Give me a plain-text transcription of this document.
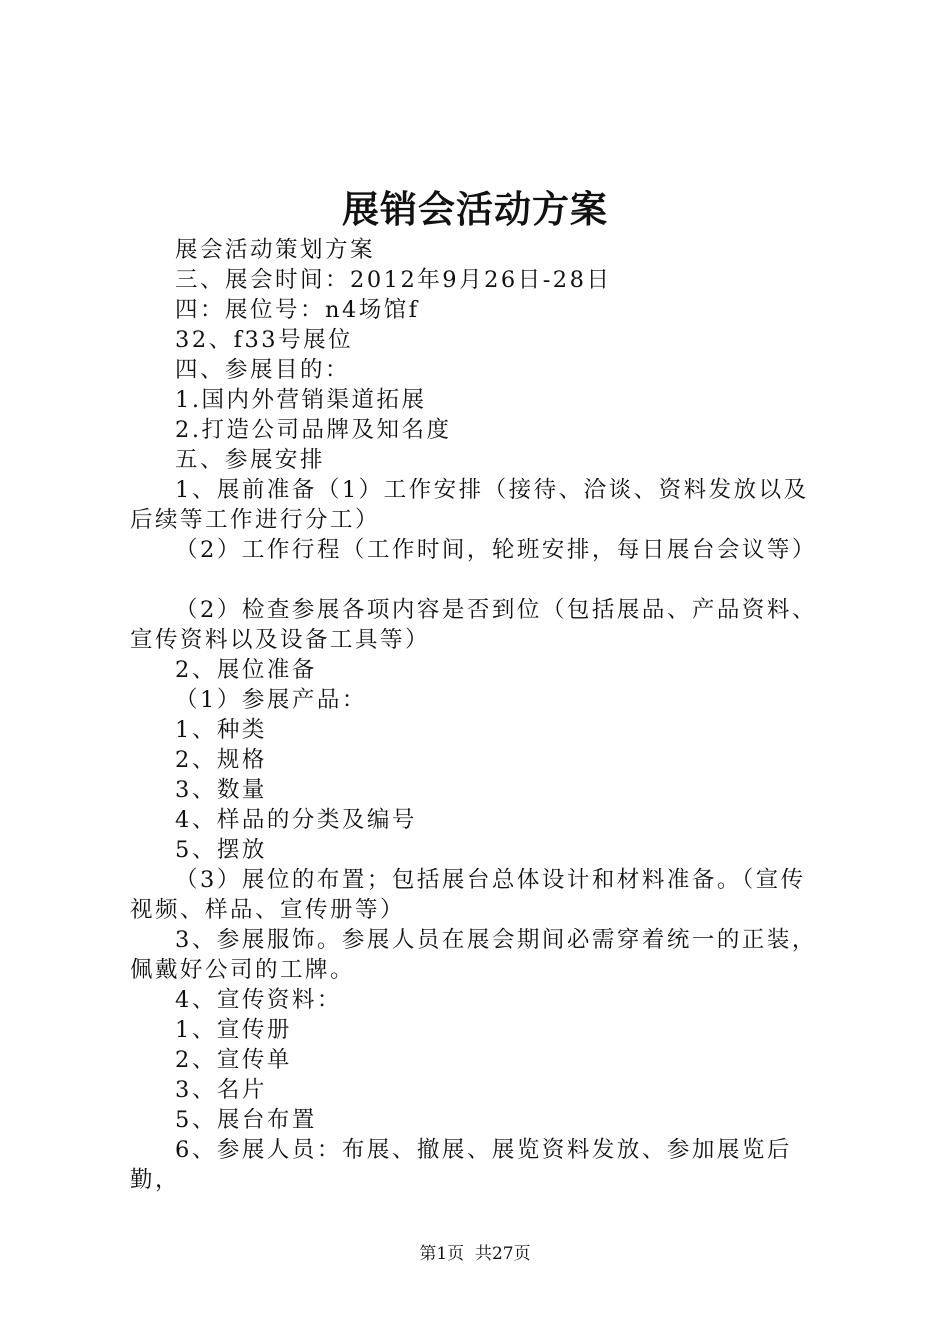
展销会活动方案

展会活动策划方案

三、展会时间：2012年9月26日-28日

四：展位号：n4场馆f

32、f33号展位

四、参展目的：

1.国内外营销渠道拓展

2.打造公司品牌及知名度

五、参展安排

1、展前准备（1）工作安排（接待、洽谈、资料发放以及后续等工作进行分工）

（2）工作行程（工作时间，轮班安排，每日展台会议等）

（2）检查参展各项内容是否到位（包括展品、产品资料、宣传资料以及设备工具等）

2、展位准备

（1）参展产品：

1、种类

2、规格

3、数量

4、样品的分类及编号

5、摆放

（3）展位的布置；包括展台总体设计和材料准备。（宣传视频、样品、宣传册等）

3、参展服饰。参展人员在展会期间必需穿着统一的正装，佩戴好公司的工牌。

4、宣传资料：

1、宣传册

2、宣传单

3、名片

5、展台布置

6、参展人员：布展、撤展、展览资料发放、参加展览后勤，

第1页  共27页
